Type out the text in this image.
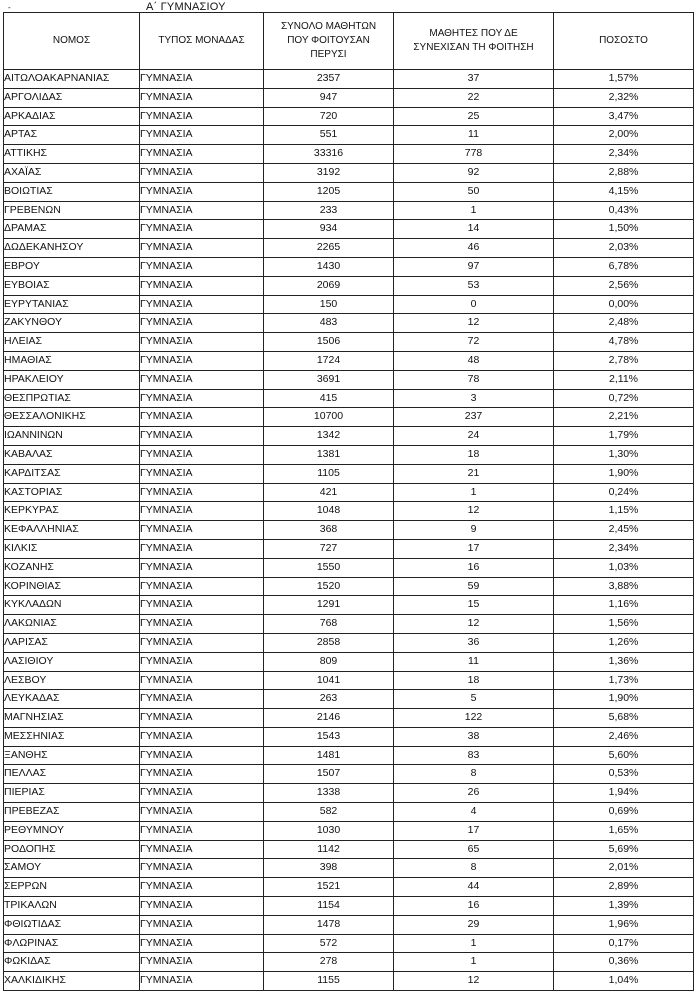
-	Α΄ ΓΥΜΝΑΣΙΟΥ
ΝΟΜΟΣ	ΤΥΠΟΣ ΜΟΝΑΔΑΣ	ΣΥΝΟΛΟ ΜΑΘΗΤΩΝ ΠΟΥ ΦΟΙΤΟΥΣΑΝ ΠΕΡΥΣΙ	ΜΑΘΗΤΕΣ ΠΟΥ ΔΕ ΣΥΝΕΧΙΣΑΝ ΤΗ ΦΟΙΤΗΣΗ	ΠΟΣΟΣΤΟ
ΑΙΤΩΛΟΑΚΑΡΝΑΝΙΑΣ	ΓΥΜΝΑΣΙΑ	2357	37	1,57%
ΑΡΓΟΛΙΔΑΣ	ΓΥΜΝΑΣΙΑ	947	22	2,32%
ΑΡΚΑΔΙΑΣ	ΓΥΜΝΑΣΙΑ	720	25	3,47%
ΑΡΤΑΣ	ΓΥΜΝΑΣΙΑ	551	11	2,00%
ΑΤΤΙΚΗΣ	ΓΥΜΝΑΣΙΑ	33316	778	2,34%
ΑΧΑΪΑΣ	ΓΥΜΝΑΣΙΑ	3192	92	2,88%
ΒΟΙΩΤΙΑΣ	ΓΥΜΝΑΣΙΑ	1205	50	4,15%
ΓΡΕΒΕΝΩΝ	ΓΥΜΝΑΣΙΑ	233	1	0,43%
ΔΡΑΜΑΣ	ΓΥΜΝΑΣΙΑ	934	14	1,50%
ΔΩΔΕΚΑΝΗΣΟΥ	ΓΥΜΝΑΣΙΑ	2265	46	2,03%
ΕΒΡΟΥ	ΓΥΜΝΑΣΙΑ	1430	97	6,78%
ΕΥΒΟΙΑΣ	ΓΥΜΝΑΣΙΑ	2069	53	2,56%
ΕΥΡΥΤΑΝΙΑΣ	ΓΥΜΝΑΣΙΑ	150	0	0,00%
ΖΑΚΥΝΘΟΥ	ΓΥΜΝΑΣΙΑ	483	12	2,48%
ΗΛΕΙΑΣ	ΓΥΜΝΑΣΙΑ	1506	72	4,78%
ΗΜΑΘΙΑΣ	ΓΥΜΝΑΣΙΑ	1724	48	2,78%
ΗΡΑΚΛΕΙΟΥ	ΓΥΜΝΑΣΙΑ	3691	78	2,11%
ΘΕΣΠΡΩΤΙΑΣ	ΓΥΜΝΑΣΙΑ	415	3	0,72%
ΘΕΣΣΑΛΟΝΙΚΗΣ	ΓΥΜΝΑΣΙΑ	10700	237	2,21%
ΙΩΑΝΝΙΝΩΝ	ΓΥΜΝΑΣΙΑ	1342	24	1,79%
ΚΑΒΑΛΑΣ	ΓΥΜΝΑΣΙΑ	1381	18	1,30%
ΚΑΡΔΙΤΣΑΣ	ΓΥΜΝΑΣΙΑ	1105	21	1,90%
ΚΑΣΤΟΡΙΑΣ	ΓΥΜΝΑΣΙΑ	421	1	0,24%
ΚΕΡΚΥΡΑΣ	ΓΥΜΝΑΣΙΑ	1048	12	1,15%
ΚΕΦΑΛΛΗΝΙΑΣ	ΓΥΜΝΑΣΙΑ	368	9	2,45%
ΚΙΛΚΙΣ	ΓΥΜΝΑΣΙΑ	727	17	2,34%
ΚΟΖΑΝΗΣ	ΓΥΜΝΑΣΙΑ	1550	16	1,03%
ΚΟΡΙΝΘΙΑΣ	ΓΥΜΝΑΣΙΑ	1520	59	3,88%
ΚΥΚΛΑΔΩΝ	ΓΥΜΝΑΣΙΑ	1291	15	1,16%
ΛΑΚΩΝΙΑΣ	ΓΥΜΝΑΣΙΑ	768	12	1,56%
ΛΑΡΙΣΑΣ	ΓΥΜΝΑΣΙΑ	2858	36	1,26%
ΛΑΣΙΘΙΟΥ	ΓΥΜΝΑΣΙΑ	809	11	1,36%
ΛΕΣΒΟΥ	ΓΥΜΝΑΣΙΑ	1041	18	1,73%
ΛΕΥΚΑΔΑΣ	ΓΥΜΝΑΣΙΑ	263	5	1,90%
ΜΑΓΝΗΣΙΑΣ	ΓΥΜΝΑΣΙΑ	2146	122	5,68%
ΜΕΣΣΗΝΙΑΣ	ΓΥΜΝΑΣΙΑ	1543	38	2,46%
ΞΑΝΘΗΣ	ΓΥΜΝΑΣΙΑ	1481	83	5,60%
ΠΕΛΛΑΣ	ΓΥΜΝΑΣΙΑ	1507	8	0,53%
ΠΙΕΡΙΑΣ	ΓΥΜΝΑΣΙΑ	1338	26	1,94%
ΠΡΕΒΕΖΑΣ	ΓΥΜΝΑΣΙΑ	582	4	0,69%
ΡΕΘΥΜΝΟΥ	ΓΥΜΝΑΣΙΑ	1030	17	1,65%
ΡΟΔΟΠΗΣ	ΓΥΜΝΑΣΙΑ	1142	65	5,69%
ΣΑΜΟΥ	ΓΥΜΝΑΣΙΑ	398	8	2,01%
ΣΕΡΡΩΝ	ΓΥΜΝΑΣΙΑ	1521	44	2,89%
ΤΡΙΚΑΛΩΝ	ΓΥΜΝΑΣΙΑ	1154	16	1,39%
ΦΘΙΩΤΙΔΑΣ	ΓΥΜΝΑΣΙΑ	1478	29	1,96%
ΦΛΩΡΙΝΑΣ	ΓΥΜΝΑΣΙΑ	572	1	0,17%
ΦΩΚΙΔΑΣ	ΓΥΜΝΑΣΙΑ	278	1	0,36%
ΧΑΛΚΙΔΙΚΗΣ	ΓΥΜΝΑΣΙΑ	1155	12	1,04%
